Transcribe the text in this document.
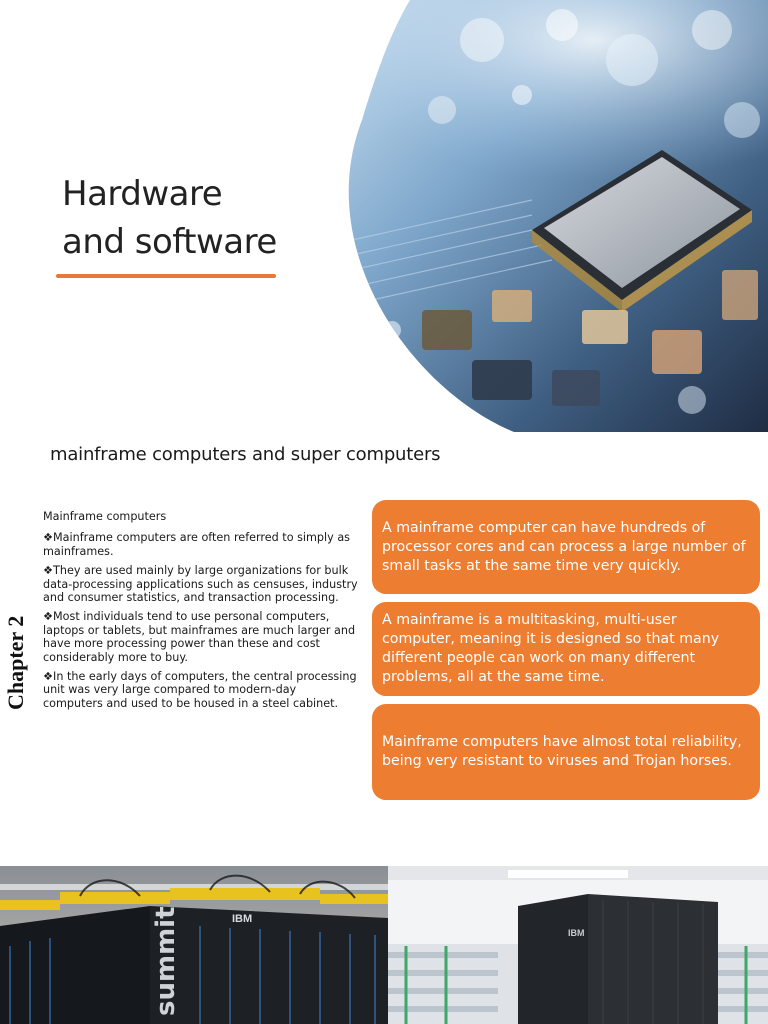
Hardware
and software
mainframe computers and super computers
Chapter 2
Mainframe computers
❖Mainframe computers are often referred to simply as mainframes.
❖They are used mainly by large organizations for bulk data-processing applications such as censuses, industry and consumer statistics, and transaction processing.
❖Most individuals tend to use personal computers, laptops or tablets, but mainframes are much larger and have more processing power than these and cost considerably more to buy.
❖In the early days of computers, the central processing unit was very large compared to modern-day computers and used to be housed in a steel cabinet.
A mainframe computer can have hundreds of processor cores and can process a large number of small tasks at the same time very quickly.
A mainframe is a multitasking, multi-user computer, meaning it is designed so that many different people can work on many different problems, all at the same time.
Mainframe computers have almost total reliability, being very resistant to viruses and Trojan horses.
summit	IBM
IBM
